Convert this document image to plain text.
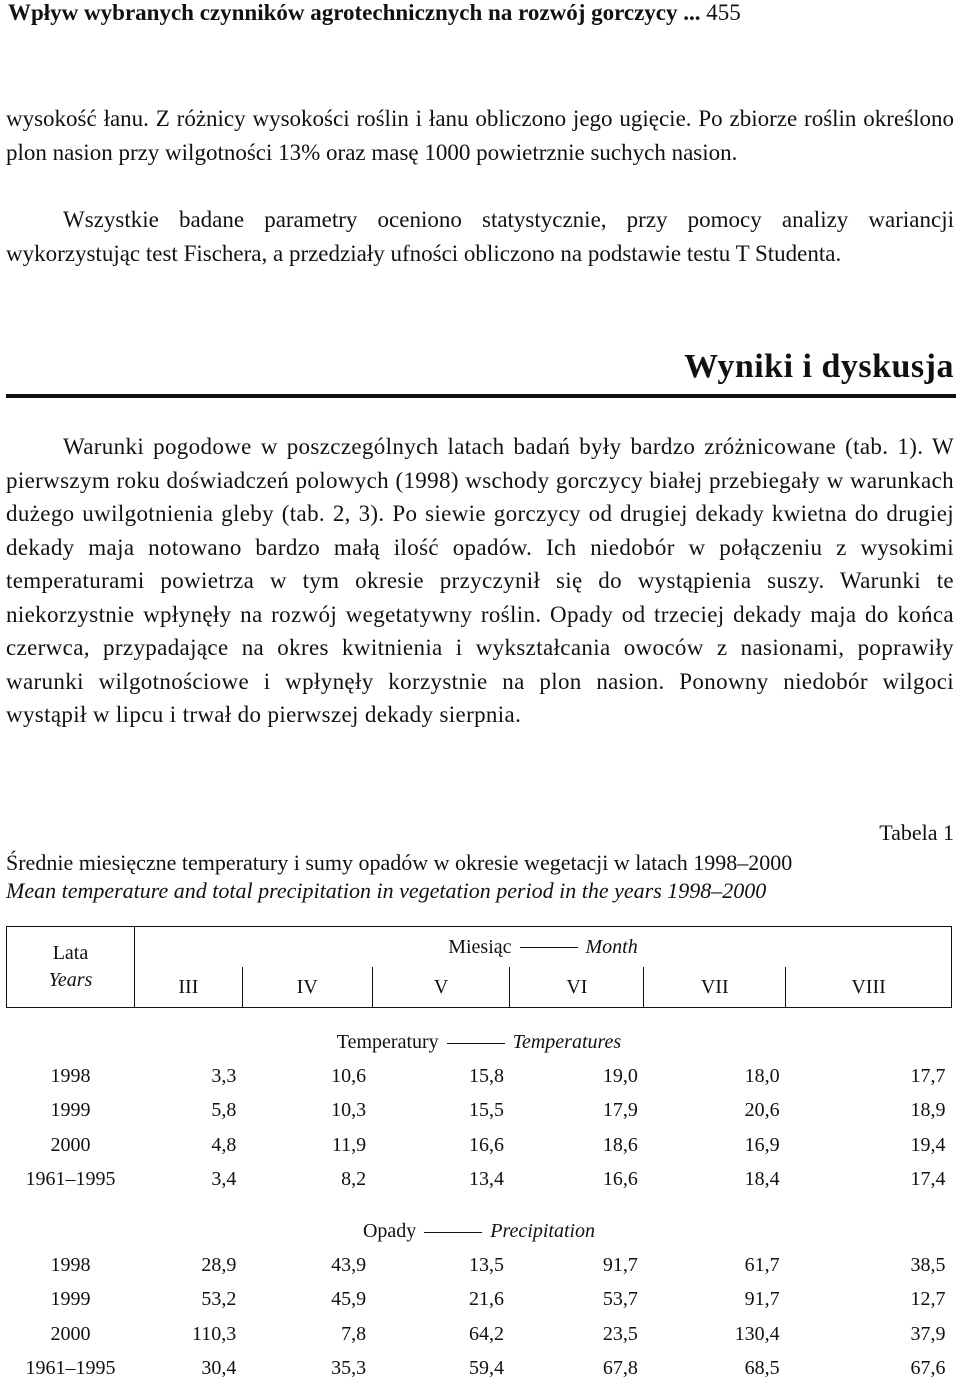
Wpływ wybranych czynników agrotechnicznych na rozwój gorczycy ... 455
wysokość łanu. Z różnicy wysokości roślin i łanu obliczono jego ugięcie. Po zbiorze roślin określono plon nasion przy wilgotności 13% oraz masę 1000 powietrznie suchych nasion.
Wszystkie badane parametry oceniono statystycznie, przy pomocy analizy wariancji wykorzystując test Fischera, a przedziały ufności obliczono na podstawie testu T Studenta.
Wyniki i dyskusja
Warunki pogodowe w poszczególnych latach badań były bardzo zróżnicowane (tab. 1). W pierwszym roku doświadczeń polowych (1998) wschody gorczycy białej przebiegały w warunkach dużego uwilgotnienia gleby (tab. 2, 3). Po siewie gorczycy od drugiej dekady kwietna do drugiej dekady maja notowano bardzo małą ilość opadów. Ich niedobór w połączeniu z wysokimi temperaturami powietrza w tym okresie przyczynił się do wystąpienia suszy. Warunki te niekorzystnie wpłynęły na rozwój wegetatywny roślin. Opady od trzeciej dekady maja do końca czerwca, przypadające na okres kwitnienia i wykształcania owoców z nasionami, poprawiły warunki wilgotnościowe i wpłynęły korzystnie na plon nasion. Ponowny niedobór wilgoci wystąpił w lipcu i trwał do pierwszej dekady sierpnia.
Tabela 1
Średnie miesięczne temperatury i sumy opadów w okresie wegetacji w latach 1998–2000
Mean temperature and total precipitation in vegetation period in the years 1998–2000
Lata
Years	Miesiąc Month					
	III	IV	V	VI	VII	VIII
Temperatury Temperatures						
1998	3,3	10,6	15,8	19,0	18,0	17,7
1999	5,8	10,3	15,5	17,9	20,6	18,9
2000	4,8	11,9	16,6	18,6	16,9	19,4
1961–1995	3,4	8,2	13,4	16,6	18,4	17,4
Opady Precipitation						
1998	28,9	43,9	13,5	91,7	61,7	38,5
1999	53,2	45,9	21,6	53,7	91,7	12,7
2000	110,3	7,8	64,2	23,5	130,4	37,9
1961–1995	30,4	35,3	59,4	67,8	68,5	67,6
